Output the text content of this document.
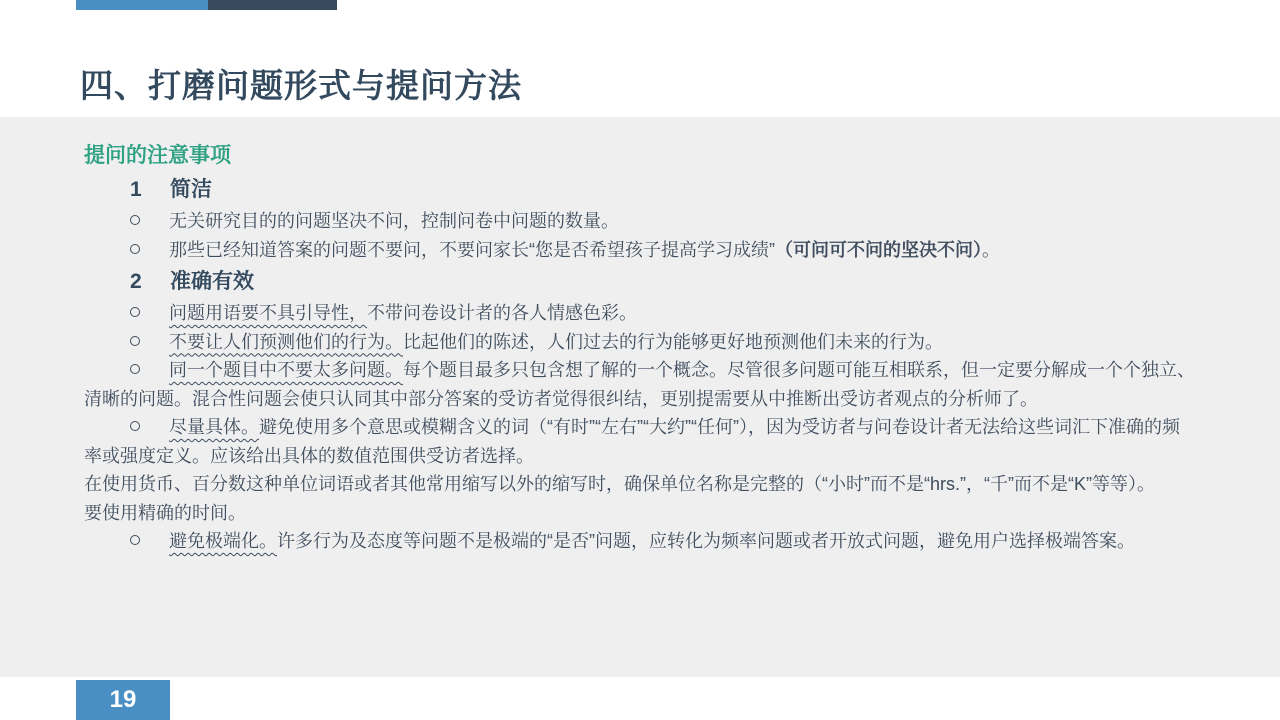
四、打磨问题形式与提问方法
提问的注意事项
1 简洁

无关研究目的的问题坚决不问，控制问卷中问题的数量。

那些已经知道答案的问题不要问，不要问家长“您是否希望孩子提高学习成绩”（可问可不问的坚决不问）。

2 准确有效

问题用语要不具引导性，不带问卷设计者的各人情感色彩。

不要让人们预测他们的行为。比起他们的陈述，人们过去的行为能够更好地预测他们未来的行为。

同一个题目中不要太多问题。每个题目最多只包含想了解的一个概念。尽管很多问题可能互相联系，但一定要分解成一个个独立、清晰的问题。混合性问题会使只认同其中部分答案的受访者觉得很纠结，更别提需要从中推断出受访者观点的分析师了。

尽量具体。避免使用多个意思或模糊含义的词（“有时”“左右”“大约”“任何”），因为受访者与问卷设计者无法给这些词汇下准确的频率或强度定义。应该给出具体的数值范围供受访者选择。

在使用货币、百分数这种单位词语或者其他常用缩写以外的缩写时，确保单位名称是完整的（“小时”而不是“hrs.”，“千”而不是“K”等等）。

要使用精确的时间。

避免极端化。许多行为及态度等问题不是极端的“是否”问题，应转化为频率问题或者开放式问题，避免用户选择极端答案。

19
